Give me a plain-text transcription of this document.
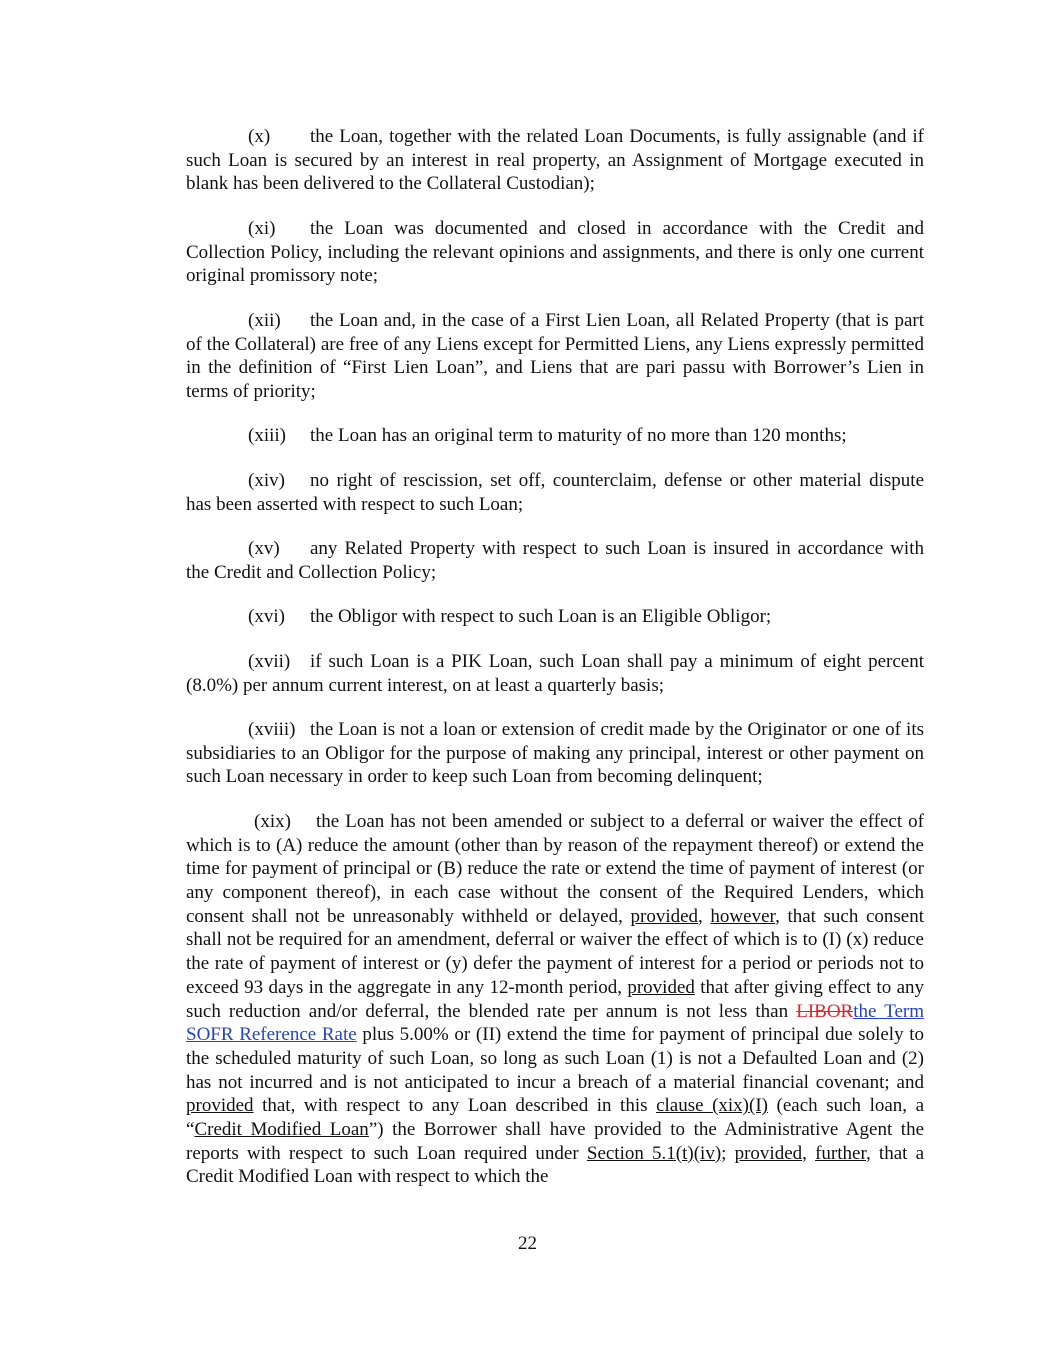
(x) the Loan, together with the related Loan Documents, is fully assignable (and if such Loan is secured by an interest in real property, an Assignment of Mortgage executed in blank has been delivered to the Collateral Custodian);

(xi) the Loan was documented and closed in accordance with the Credit and Collection Policy, including the relevant opinions and assignments, and there is only one current original promissory note;

(xii) the Loan and, in the case of a First Lien Loan, all Related Property (that is part of the Collateral) are free of any Liens except for Permitted Liens, any Liens expressly permitted in the definition of “First Lien Loan”, and Liens that are pari passu with Borrower’s Lien in terms of priority;

(xiii) the Loan has an original term to maturity of no more than 120 months;

(xiv) no right of rescission, set off, counterclaim, defense or other material dispute has been asserted with respect to such Loan;

(xv) any Related Property with respect to such Loan is insured in accordance with the Credit and Collection Policy;

(xvi) the Obligor with respect to such Loan is an Eligible Obligor;

(xvii) if such Loan is a PIK Loan, such Loan shall pay a minimum of eight percent (8.0%) per annum current interest, on at least a quarterly basis;

(xviii) the Loan is not a loan or extension of credit made by the Originator or one of its subsidiaries to an Obligor for the purpose of making any principal, interest or other payment on such Loan necessary in order to keep such Loan from becoming delinquent;

(xix) the Loan has not been amended or subject to a deferral or waiver the effect of which is to (A) reduce the amount (other than by reason of the repayment thereof) or extend the time for payment of principal or (B) reduce the rate or extend the time of payment of interest (or any component thereof), in each case without the consent of the Required Lenders, which consent shall not be unreasonably withheld or delayed, provided, however, that such consent shall not be required for an amendment, deferral or waiver the effect of which is to (I) (x) reduce the rate of payment of interest or (y) defer the payment of interest for a period or periods not to exceed 93 days in the aggregate in any 12-month period, provided that after giving effect to any such reduction and/or deferral, the blended rate per annum is not less than LIBORthe Term SOFR Reference Rate plus 5.00% or (II) extend the time for payment of principal due solely to the scheduled maturity of such Loan, so long as such Loan (1) is not a Defaulted Loan and (2) has not incurred and is not anticipated to incur a breach of a material financial covenant; and provided that, with respect to any Loan described in this clause (xix)(I) (each such loan, a “Credit Modified Loan”) the Borrower shall have provided to the Administrative Agent the reports with respect to such Loan required under Section 5.1(t)(iv); provided, further, that a Credit Modified Loan with respect to which the

22
